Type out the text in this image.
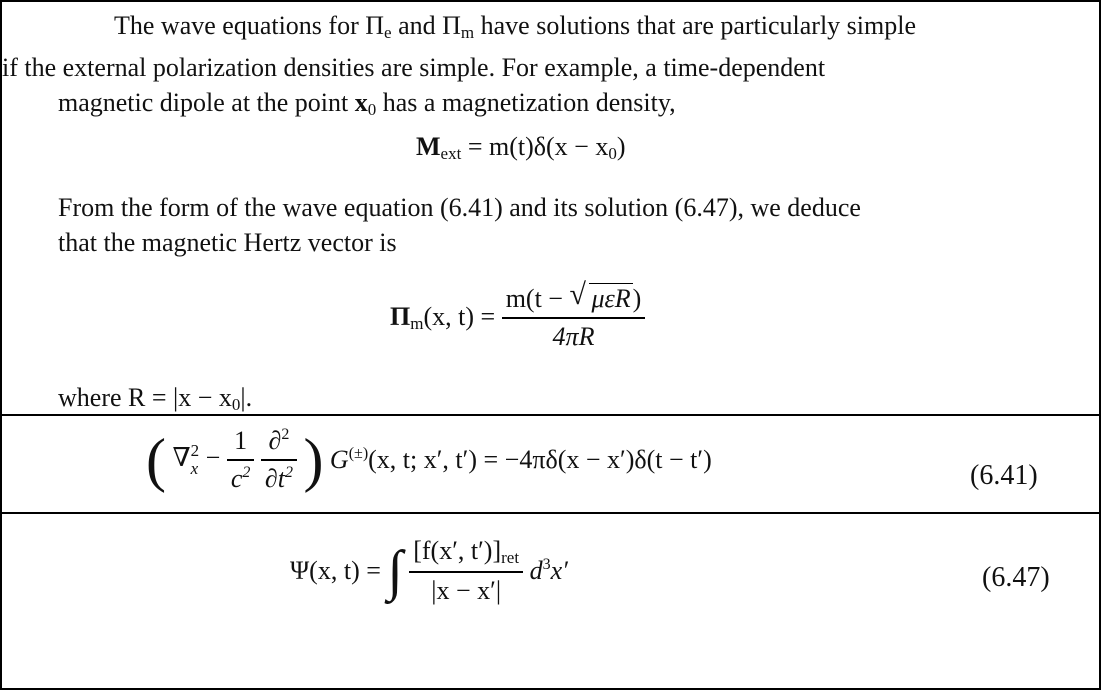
The wave equations for $\Pi_e$ and $\Pi_m$ have solutions that are particularly simple
if the external polarization densities are simple. For example, a time-dependent
magnetic dipole at the point $x_0$ has a magnetization density,
$M_{ext} = m(t)\delta(x - x_0)$
From the form of the wave equation (6.41) and its solution (6.47), we deduce
that the magnetic Hertz vector is
$\Pi_m(x$, $t) = \frac{\text{m(t − √ μεR)}}{4\pi R}$
where $R = |x - x_0|$.
( ∇ 2
$x - \frac{1}{c^2}$
$\frac{\partial^2}{\partial t^2}$ ) G(±)(x, t; x′, t′) = −4πδ(x − x′)δ(t − t′)
(6.41)
Ψ(x, t) = ∫ $\frac{[f(x', t')]_{ret}}{|x - x'|} d^3x'$	(6.47)
